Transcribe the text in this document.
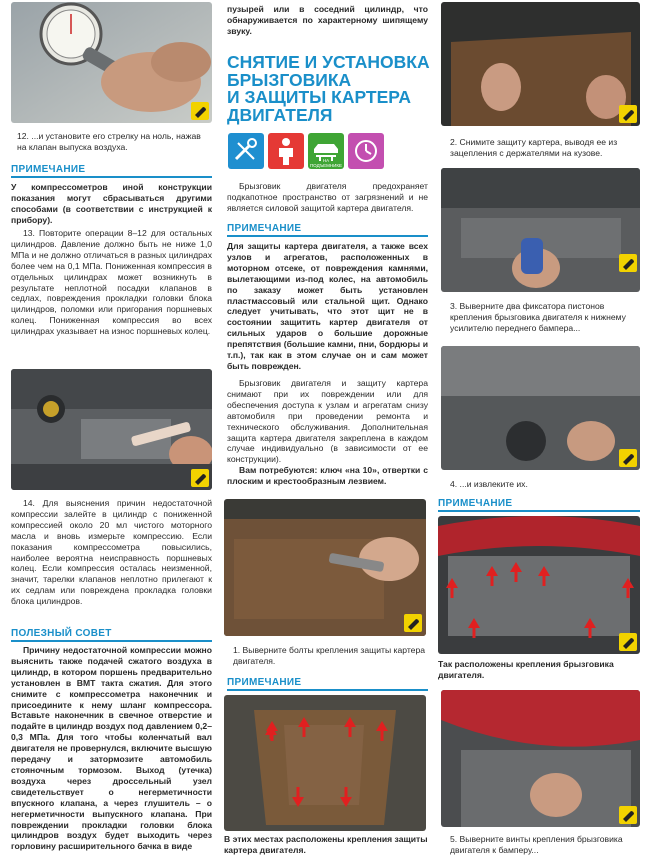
12. ...и установите его стрелку на ноль, нажав на клапан выпуска воздуха.
ПРИМЕЧАНИЕ
У компрессометров иной конструкции показания могут сбрасываться другими способами (в соответствии с инструкцией к прибору).
13. Повторите операции 8–12 для остальных цилиндров. Давление должно быть не ниже 1,0 МПа и не должно отличаться в разных цилиндрах более чем на 0,1 МПа. Пониженная компрессия в отдельных цилиндрах может возникнуть в результате неплотной посадки клапанов в седлах, повреждения прокладки головки блока цилиндров, поломки или пригорания поршневых колец. Пониженная компрессия во всех цилиндрах указывает на износ поршневых колец.
14. Для выяснения причин недостаточной компрессии залейте в цилиндр с пониженной компрессией около 20 мл чистого моторного масла и вновь измерьте компрессию. Если показания компрессометра повысились, наиболее вероятна неисправность поршневых колец. Если компрессия осталась неизменной, значит, тарелки клапанов неплотно прилегают к их седлам или повреждена прокладка головки блока цилиндров.
ПОЛЕЗНЫЙ СОВЕТ
Причину недостаточной компрессии можно выяснить также подачей сжатого воздуха в цилиндр, в котором поршень предварительно установлен в ВМТ такта сжатия. Для этого снимите с компрессометра наконечник и присоедините к нему шланг компрессора. Вставьте наконечник в свечное отверстие и подайте в цилиндр воздух под давлением 0,2–0,3 МПа. Для того чтобы коленчатый вал двигателя не провернулся, включите высшую передачу и затормозите автомобиль стояночным тормозом. Выход (утечка) воздуха через дроссельный узел свидетельствует о негерметичности впускного клапана, а через глушитель – о негерметичности выпускного клапана. При повреждении прокладки головки блока цилиндров воздух будет выходить через горловину расширительного бачка в виде
пузырей или в соседний цилиндр, что обнаруживается по характерному шипящему звуку.
СНЯТИЕ И УСТАНОВКА
БРЫЗГОВИКА
И ЗАЩИТЫ КАРТЕРА
ДВИГАТЕЛЯ
НА ПОДЪЕМНИКЕ
Брызговик двигателя предохраняет подкапотное пространство от загрязнений и не является силовой защитой картера двигателя.
ПРИМЕЧАНИЕ
Для защиты картера двигателя, а также всех узлов и агрегатов, расположенных в моторном отсеке, от повреждения камнями, вылетающими из-под колес, на автомобиль по заказу может быть установлен пластмассовый или стальной щит. Однако следует учитывать, что этот щит не в состоянии защитить картер двигателя от сильных ударов о большие дорожные препятствия (большие камни, пни, бордюры и т.п.), так как в этом случае он и сам может быть поврежден.
Брызговик двигателя и защиту картера снимают при их повреждении или для обеспечения доступа к узлам и агрегатам снизу автомобиля при проведении ремонта и технического обслуживания. Дополнительная защита картера двигателя закреплена в каждом случае индивидуально (в зависимости от ее конструкции).
Вам потребуются: ключ «на 10», отвертки с плоским и крестообразным лезвием.
1. Выверните болты крепления защиты картера двигателя.
ПРИМЕЧАНИЕ
В этих местах расположены крепления защиты картера двигателя.
2. Снимите защиту картера, выводя ее из зацепления с держателями на кузове.
3. Выверните два фиксатора пистонов крепления брызговика двигателя к нижнему усилителю переднего бампера...
4. ...и извлеките их.
ПРИМЕЧАНИЕ
Так расположены крепления брызговика двигателя.
5. Выверните винты крепления брызговика двигателя к бамперу...
